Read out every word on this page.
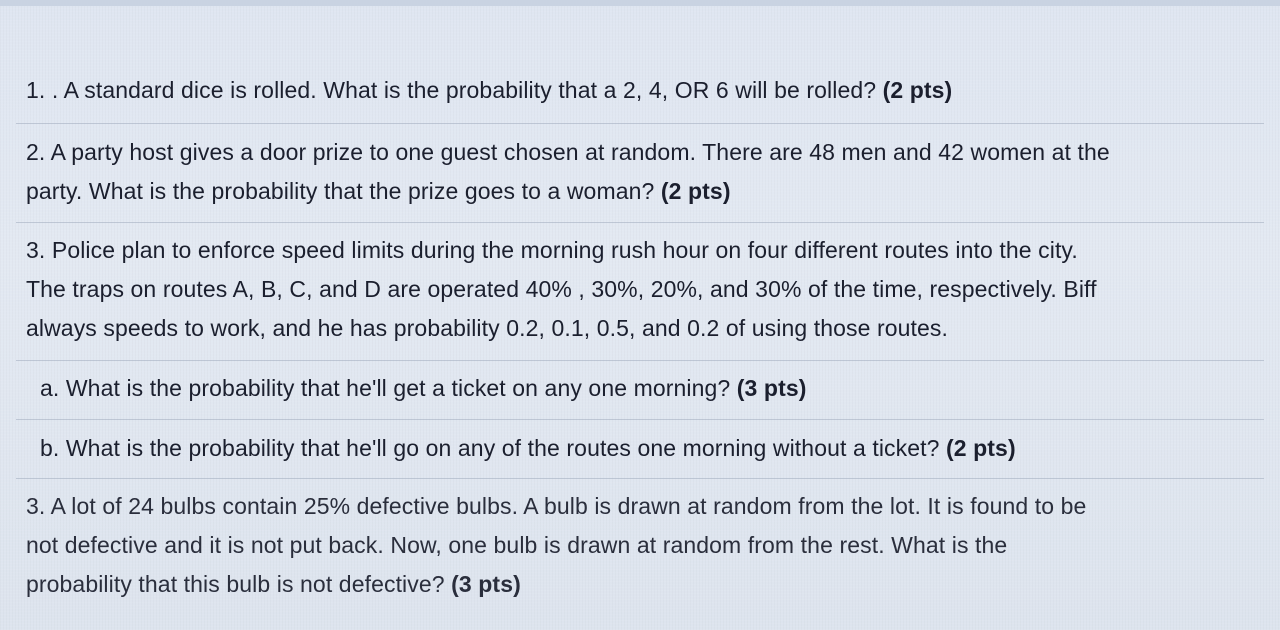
1. . A standard dice is rolled. What is the probability that a 2, 4, OR 6 will be rolled? (2 pts)
2. A party host gives a door prize to one guest chosen at random. There are 48 men and 42 women at the
party. What is the probability that the prize goes to a woman? (2 pts)
3. Police plan to enforce speed limits during the morning rush hour on four different routes into the city.
The traps on routes A, B, C, and D are operated 40% , 30%, 20%, and 30% of the time, respectively. Biff
always speeds to work, and he has probability 0.2, 0.1, 0.5, and 0.2 of using those routes.
a. What is the probability that he'll get a ticket on any one morning? (3 pts)
b. What is the probability that he'll go on any of the routes one morning without a ticket? (2 pts)
3. A lot of 24 bulbs contain 25% defective bulbs. A bulb is drawn at random from the lot. It is found to be
not defective and it is not put back. Now, one bulb is drawn at random from the rest. What is the
probability that this bulb is not defective? (3 pts)
